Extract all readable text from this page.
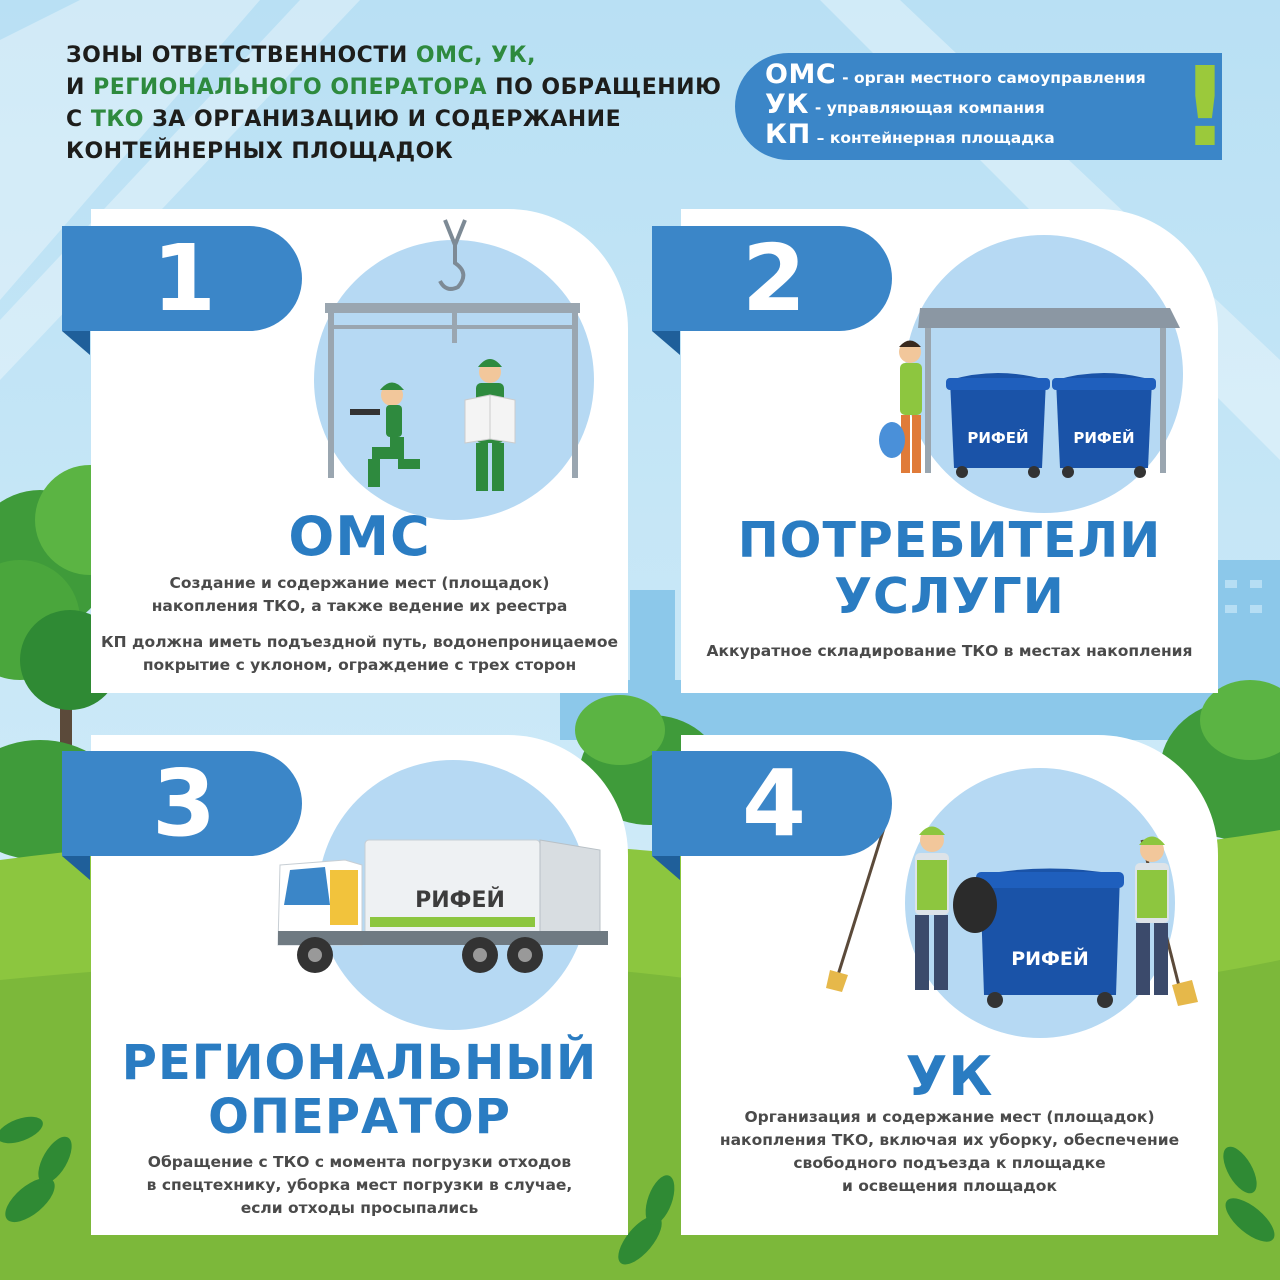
ЗОНЫ ОТВЕТСТВЕННОСТИ ОМС, УК,
И РЕГИОНАЛЬНОГО ОПЕРАТОРА ПО ОБРАЩЕНИЮ
С ТКО ЗА ОРГАНИЗАЦИЮ И СОДЕРЖАНИЕ
КОНТЕЙНЕРНЫХ ПЛОЩАДОК
ОМС - орган местного самоуправления
УК - управляющая компания
КП – контейнерная площадка !
1
ОМС
Создание и содержание мест (площадок)
накопления ТКО, а также ведение их реестра
КП должна иметь подъездной путь, водонепроницаемое
покрытие с уклоном, ограждение с трех сторон
РИФЕЙ	РИФЕЙ
2
ПОТРЕБИТЕЛИ
УСЛУГИ
Аккуратное складирование ТКО в местах накопления
РИФЕЙ
3
РЕГИОНАЛЬНЫЙ
ОПЕРАТОР
Обращение с ТКО с момента погрузки отходов
в спецтехнику, уборка мест погрузки в случае,
если отходы просыпались
РИФЕЙ
4
УК
Организация и содержание мест (площадок)
накопления ТКО, включая их уборку, обеспечение
свободного подъезда к площадке
и освещения площадок
